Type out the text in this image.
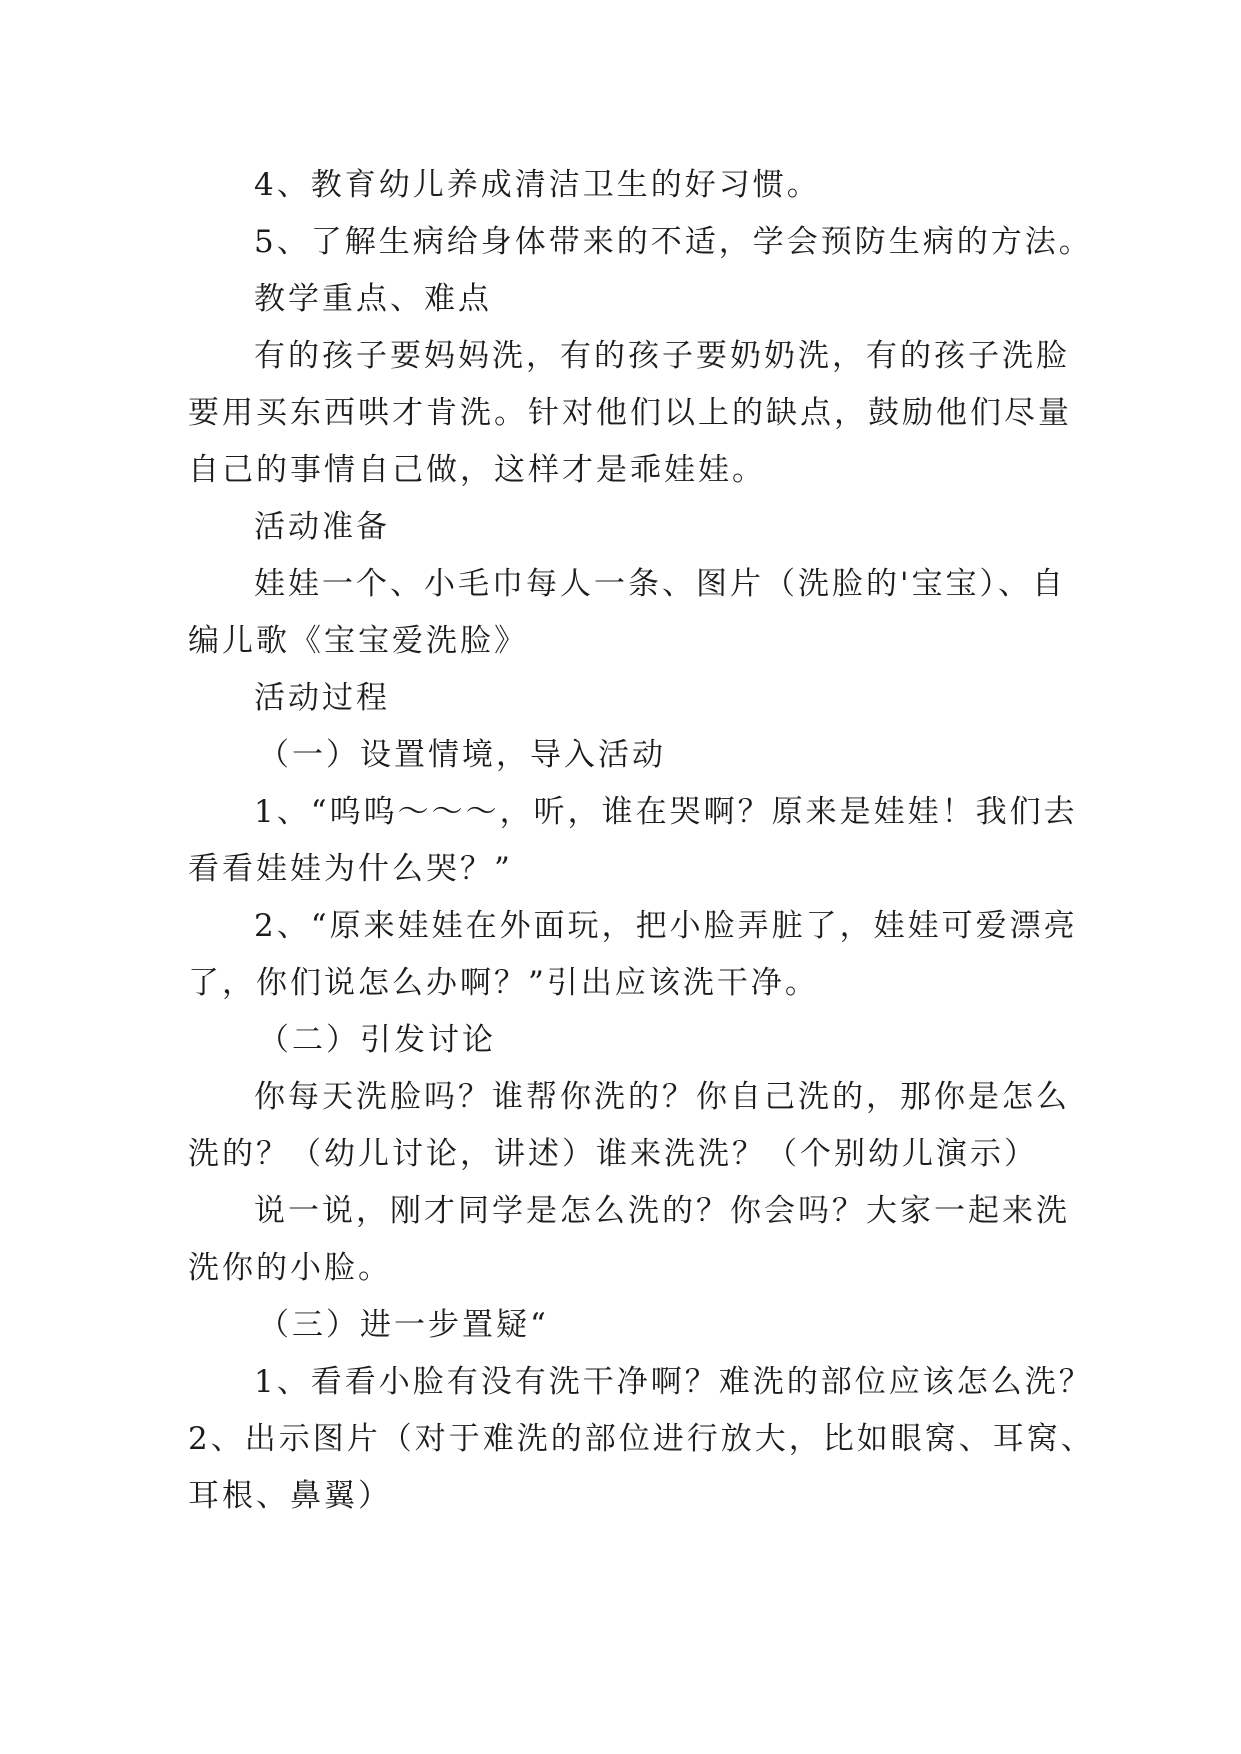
4、教育幼儿养成清洁卫生的好习惯。
5、了解生病给身体带来的不适，学会预防生病的方法。
教学重点、难点
有的孩子要妈妈洗，有的孩子要奶奶洗，有的孩子洗脸
要用买东西哄才肯洗。针对他们以上的缺点，鼓励他们尽量
自己的事情自己做，这样才是乖娃娃。
活动准备
娃娃一个、小毛巾每人一条、图片（洗脸的'宝宝）、自
编儿歌《宝宝爱洗脸》
活动过程
（一）设置情境，导入活动
1、“呜呜～～～，听，谁在哭啊？原来是娃娃！我们去
看看娃娃为什么哭？”
2、“原来娃娃在外面玩，把小脸弄脏了，娃娃可爱漂亮
了，你们说怎么办啊？”引出应该洗干净。
（二）引发讨论
你每天洗脸吗？谁帮你洗的？你自己洗的，那你是怎么
洗的？（幼儿讨论，讲述）谁来洗洗？（个别幼儿演示）
说一说，刚才同学是怎么洗的？你会吗？大家一起来洗
洗你的小脸。
（三）进一步置疑“
1、看看小脸有没有洗干净啊？难洗的部位应该怎么洗？
2、出示图片（对于难洗的部位进行放大，比如眼窝、耳窝、
耳根、鼻翼）
